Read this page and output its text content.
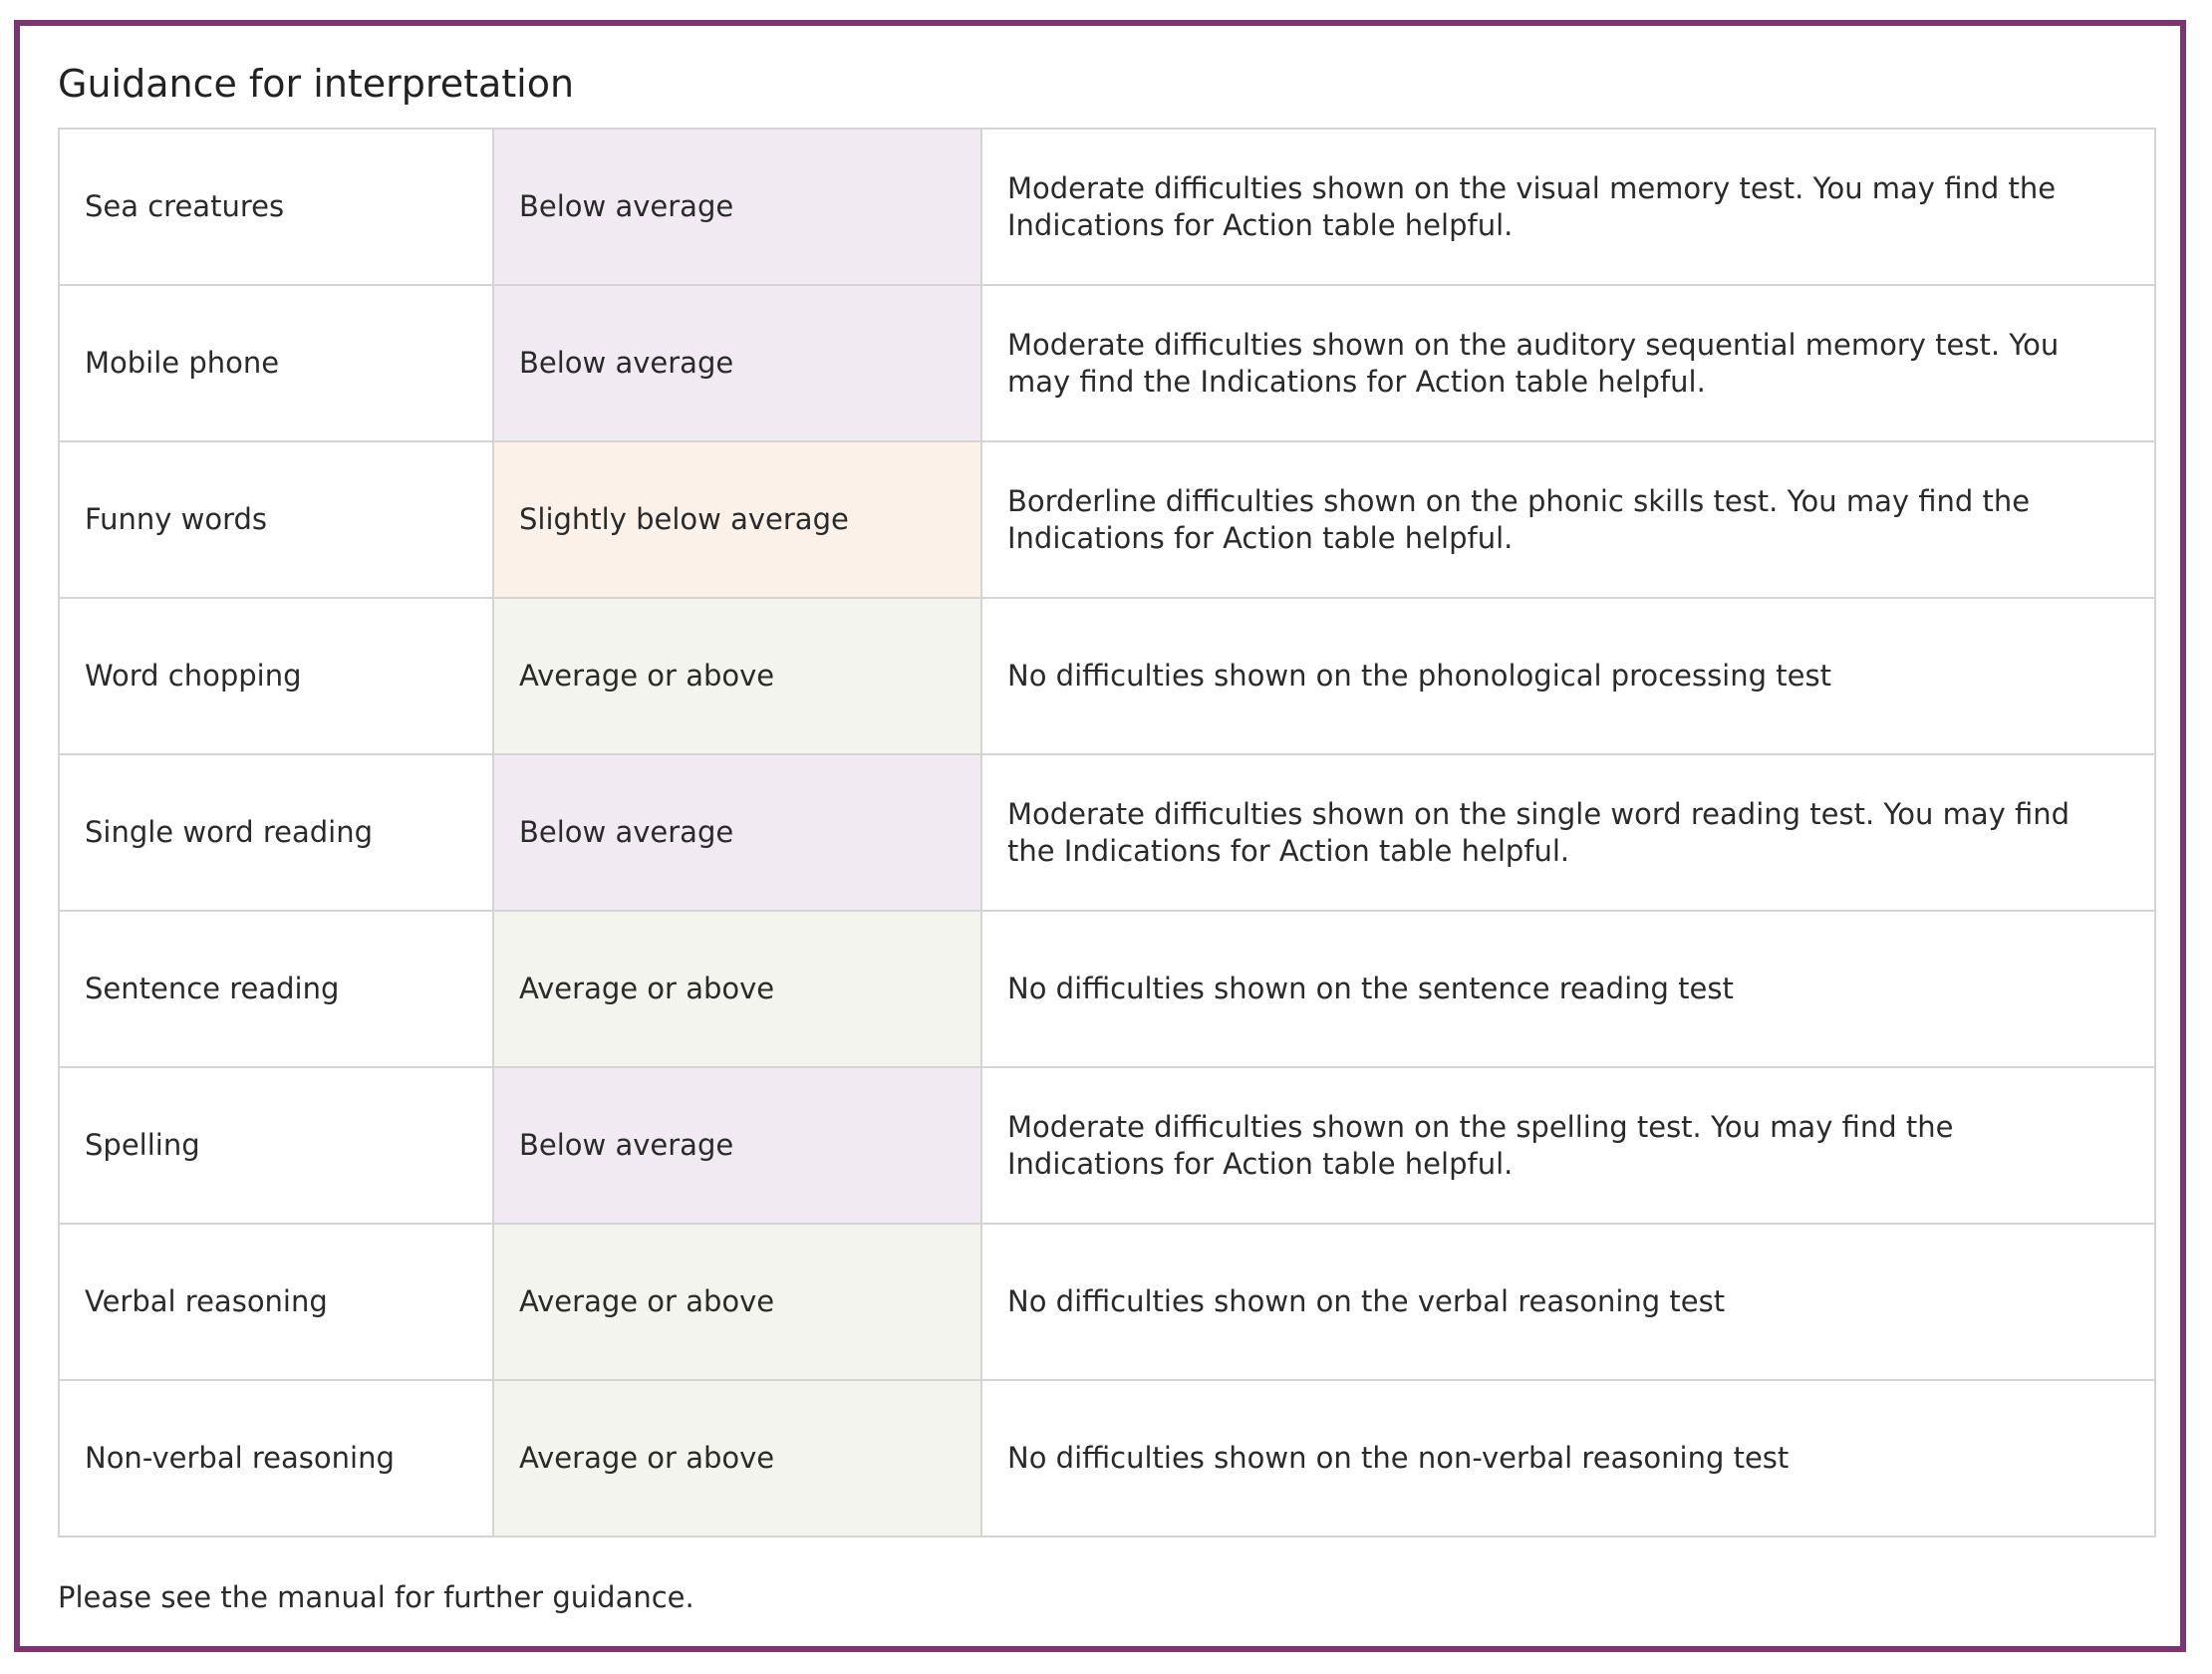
Guidance for interpretation
Sea creatures	Below average	Moderate difficulties shown on the visual memory test. You may find the Indications for Action table helpful.
Mobile phone	Below average	Moderate difficulties shown on the auditory sequential memory test. You may find the Indications for Action table helpful.
Funny words	Slightly below average	Borderline difficulties shown on the phonic skills test. You may find the Indications for Action table helpful.
Word chopping	Average or above	No difficulties shown on the phonological processing test
Single word reading	Below average	Moderate difficulties shown on the single word reading test. You may find the Indications for Action table helpful.
Sentence reading	Average or above	No difficulties shown on the sentence reading test
Spelling	Below average	Moderate difficulties shown on the spelling test. You may find the Indications for Action table helpful.
Verbal reasoning	Average or above	No difficulties shown on the verbal reasoning test
Non-verbal reasoning	Average or above	No difficulties shown on the non-verbal reasoning test

Please see the manual for further guidance.
